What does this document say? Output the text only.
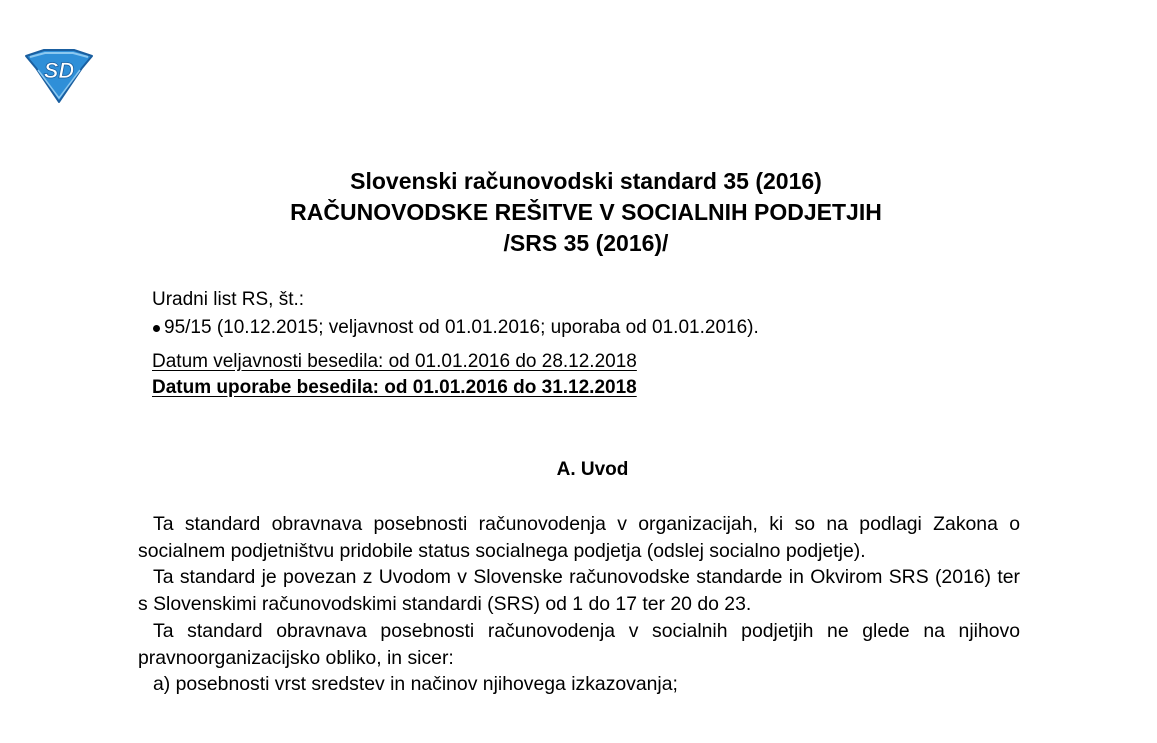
SD
Slovenski računovodski standard 35 (2016)
RAČUNOVODSKE REŠITVE V SOCIALNIH PODJETJIH
/SRS 35 (2016)/
Uradni list RS, št.:
95/15 (10.12.2015; veljavnost od 01.01.2016; uporaba od 01.01.2016).
Datum veljavnosti besedila: od 01.01.2016 do 28.12.2018
Datum uporabe besedila: od 01.01.2016 do 31.12.2018
A. Uvod

Ta standard obravnava posebnosti računovodenja v organizacijah, ki so na podlagi Zakona o socialnem podjetništvu pridobile status socialnega podjetja (odslej socialno podjetje).

Ta standard je povezan z Uvodom v Slovenske računovodske standarde in Okvirom SRS (2016) ter s Slovenskimi računovodskimi standardi (SRS) od 1 do 17 ter 20 do 23.

Ta standard obravnava posebnosti računovodenja v socialnih podjetjih ne glede na njihovo pravnoorganizacijsko obliko, in sicer:

a) posebnosti vrst sredstev in načinov njihovega izkazovanja;
